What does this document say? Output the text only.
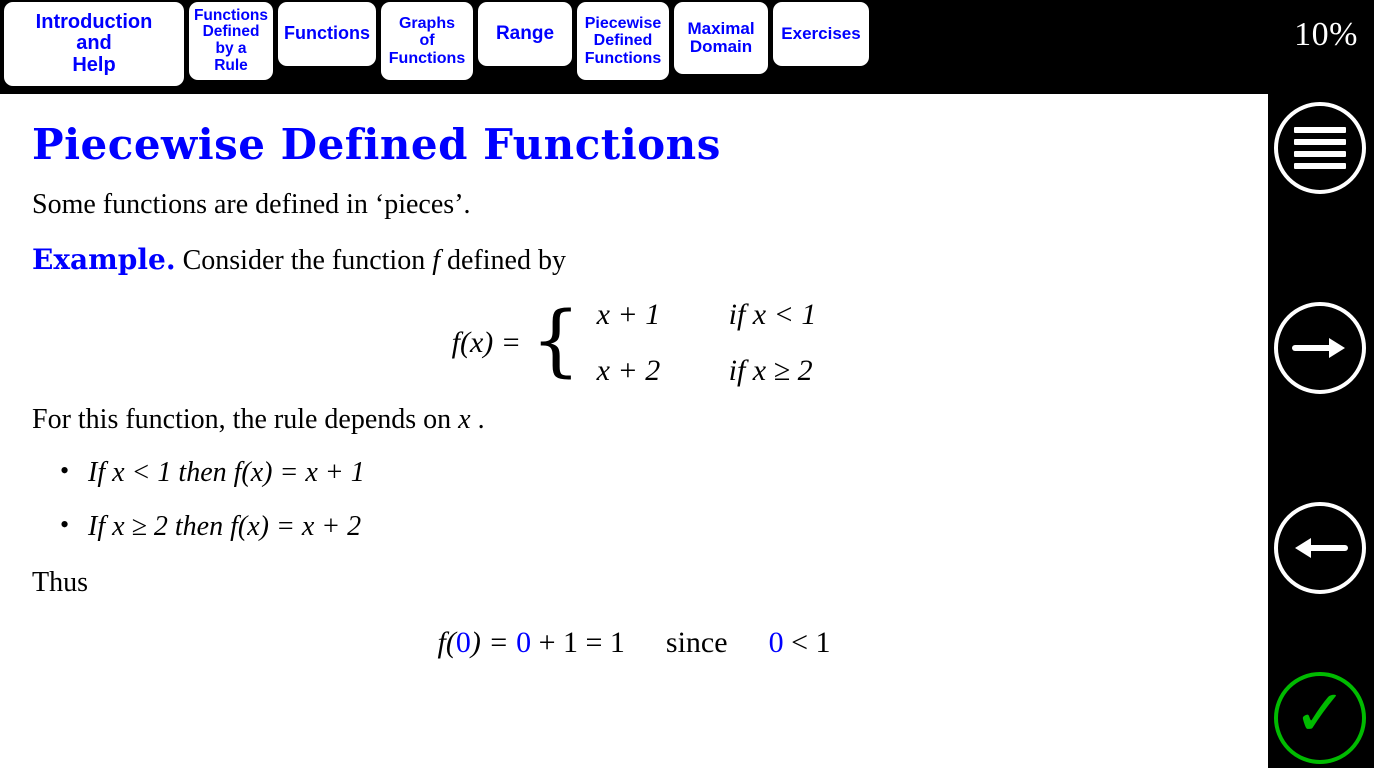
Introduction
and
Help
Functions
Defined
by a
Rule
Functions Graphs
of
Functions
Range Piecewise
Defined
Functions
Maximal
Domain
Exercises	10%
Piecewise Defined Functions

Some functions are defined in ‘pieces’.

Example. Consider the function f defined by

f(x) = { x + 1	if x < 1
x + 2	if x ≥ 2

For this function, the rule depends on x .

• If x < 1 then f(x) = x + 1
• If x ≥ 2 then f(x) = x + 2

Thus

f(0) = 0 + 1 = 1 since 0 < 1
✓
